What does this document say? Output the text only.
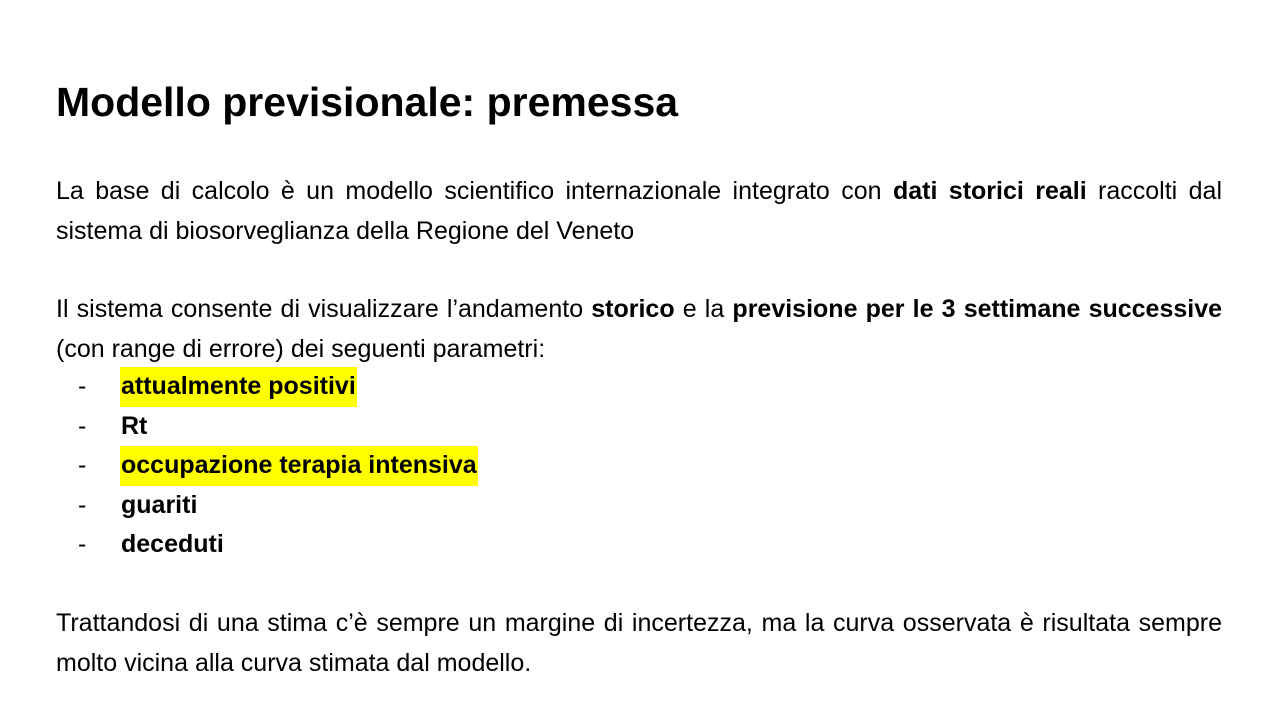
Modello previsionale: premessa

La base di calcolo è un modello scientifico internazionale integrato con dati storici reali raccolti dal sistema di biosorveglianza della Regione del Veneto

Il sistema consente di visualizzare l’andamento storico e la previsione per le 3 settimane successive (con range di errore) dei seguenti parametri:

-	attualmente positivi
-	Rt
-	occupazione terapia intensiva
-	guariti
-	deceduti

Trattandosi di una stima c’è sempre un margine di incertezza, ma la curva osservata è risultata sempre molto vicina alla curva stimata dal modello.
